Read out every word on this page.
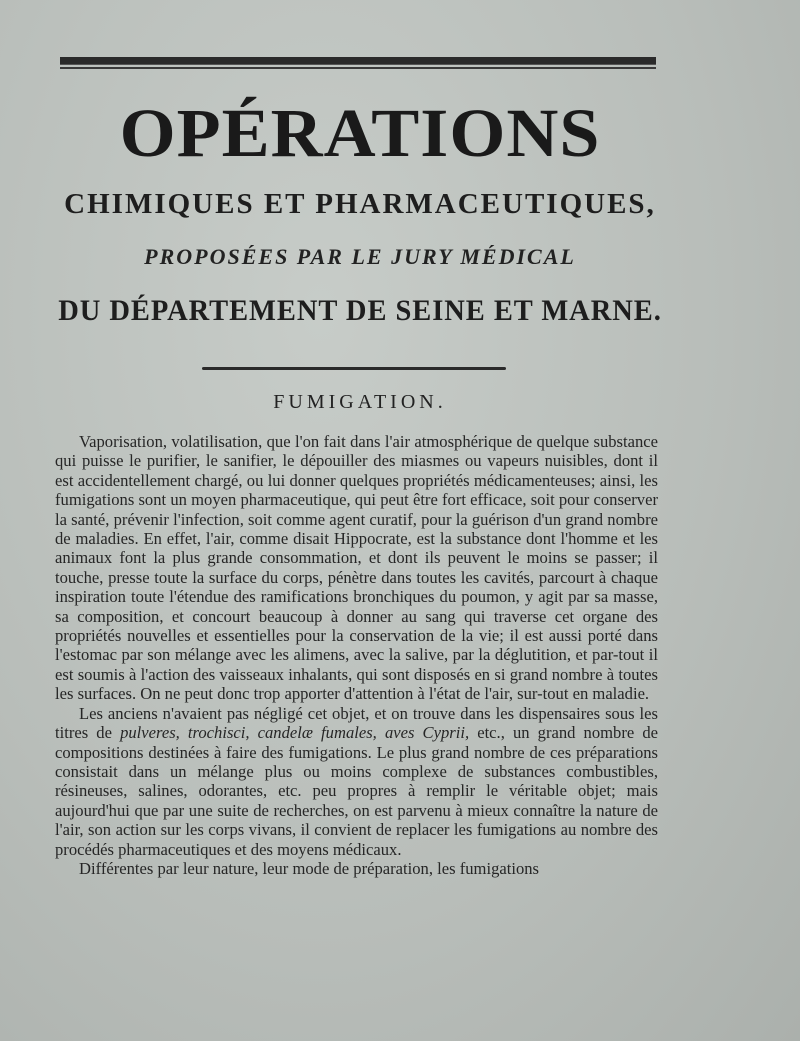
OPÉRATIONS
CHIMIQUES ET PHARMACEUTIQUES,
PROPOSÉES PAR LE JURY MÉDICAL
DU DÉPARTEMENT DE SEINE ET MARNE.
FUMIGATION.

Vaporisation, volatilisation, que l'on fait dans l'air atmosphérique de quelque substance qui puisse le purifier, le sanifier, le dépouiller des miasmes ou vapeurs nuisibles, dont il est accidentellement chargé, ou lui donner quelques propriétés médicamenteuses; ainsi, les fumigations sont un moyen pharmaceutique, qui peut être fort efficace, soit pour conserver la santé, prévenir l'infection, soit comme agent curatif, pour la guérison d'un grand nombre de maladies. En effet, l'air, comme disait Hippocrate, est la substance dont l'homme et les animaux font la plus grande consommation, et dont ils peuvent le moins se passer; il touche, presse toute la surface du corps, pénètre dans toutes les cavités, parcourt à chaque inspiration toute l'étendue des ramifications bronchiques du poumon, y agit par sa masse, sa composition, et concourt beaucoup à donner au sang qui traverse cet organe des propriétés nouvelles et essentielles pour la conservation de la vie; il est aussi porté dans l'estomac par son mélange avec les alimens, avec la salive, par la déglutition, et par-tout il est soumis à l'action des vaisseaux inhalants, qui sont disposés en si grand nombre à toutes les surfaces. On ne peut donc trop apporter d'attention à l'état de l'air, sur-tout en maladie.

Les anciens n'avaient pas négligé cet objet, et on trouve dans les dispensaires sous les titres de pulveres, trochisci, candelæ fumales, aves Cyprii, etc., un grand nombre de compositions destinées à faire des fumigations. Le plus grand nombre de ces préparations consistait dans un mélange plus ou moins complexe de substances combustibles, résineuses, salines, odorantes, etc. peu propres à remplir le véritable objet; mais aujourd'hui que par une suite de recherches, on est parvenu à mieux connaître la nature de l'air, son action sur les corps vivans, il convient de replacer les fumigations au nombre des procédés pharmaceutiques et des moyens médicaux.

Différentes par leur nature, leur mode de préparation, les fumigations
